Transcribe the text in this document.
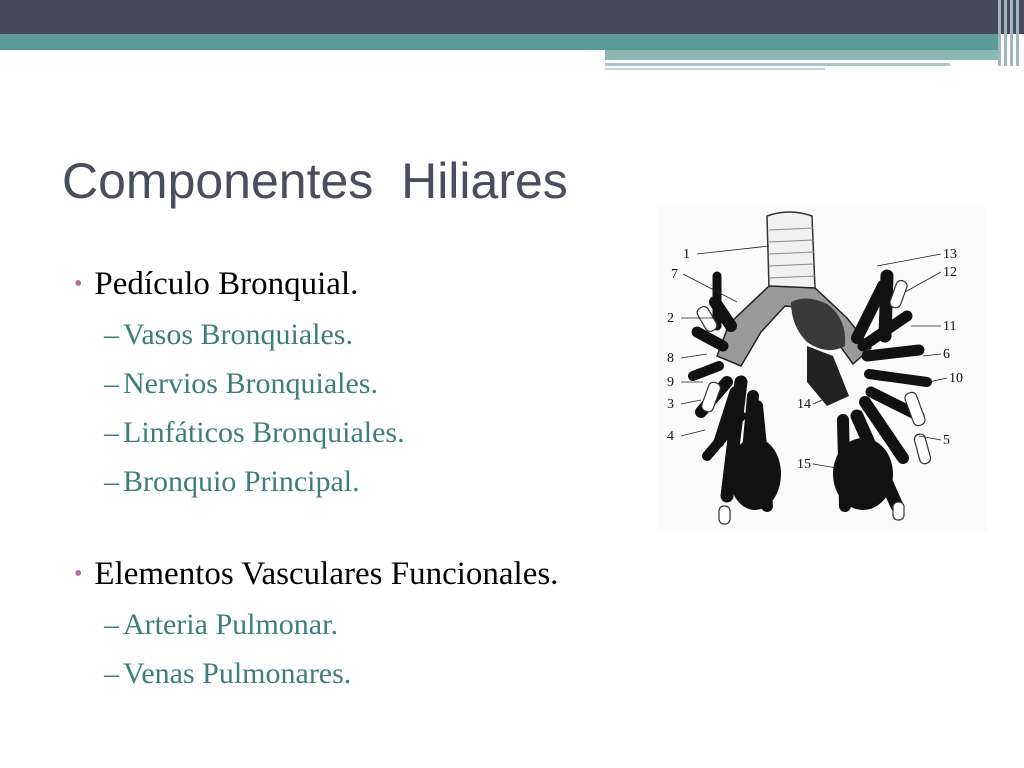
Componentes  Hiliares
• Pedículo Bronquial.
– Vasos Bronquiales.
– Nervios Bronquiales.
– Linfáticos Bronquiales.
– Bronquio Principal.
• Elementos Vasculares Funcionales.
– Arteria Pulmonar.
– Venas Pulmonares.
1
7
2
8
9
3
4
13
12
11
6
10
5
14
15
